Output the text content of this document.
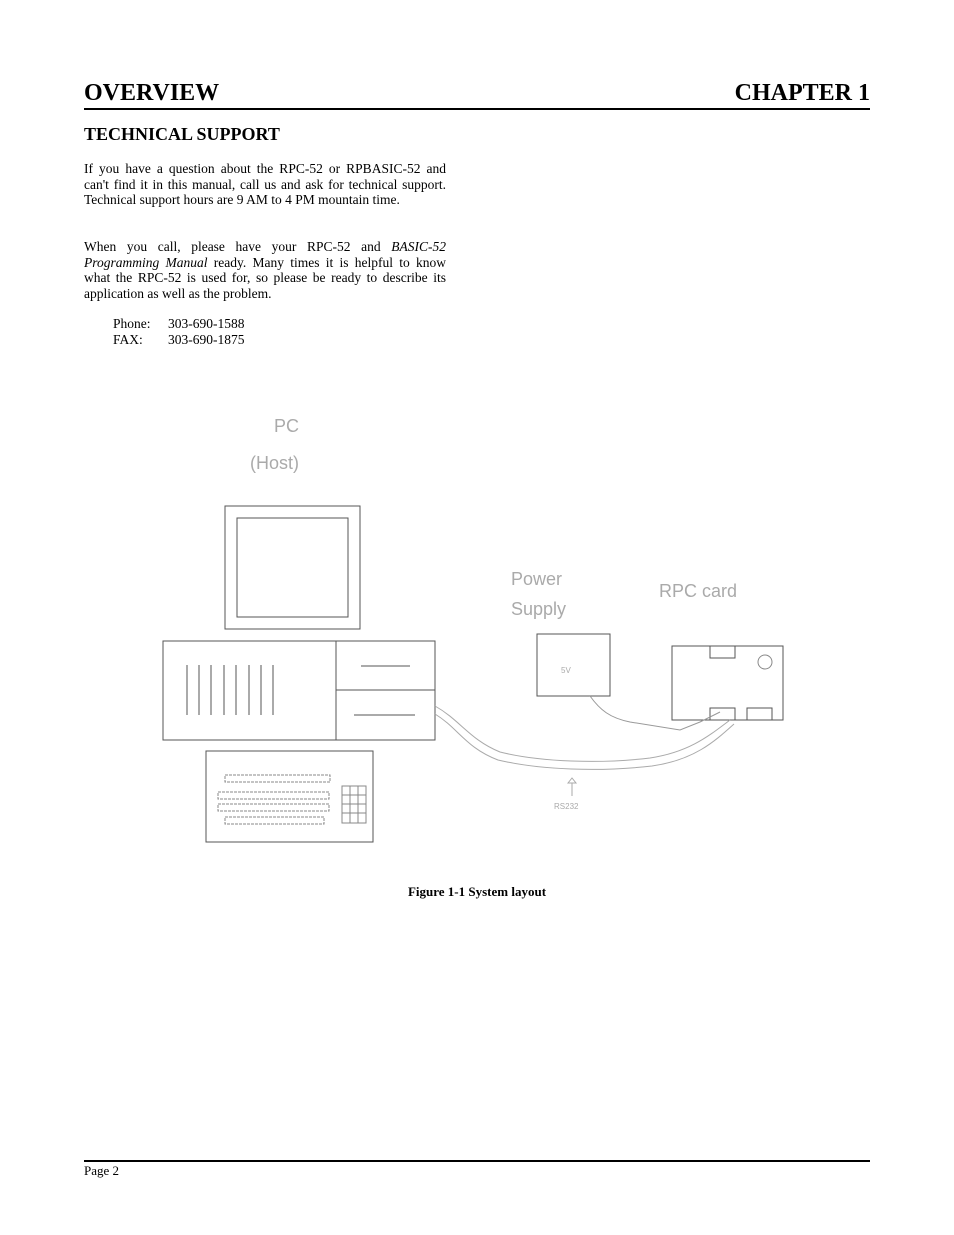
OVERVIEW	CHAPTER 1
TECHNICAL SUPPORT
If you have a question about the RPC-52 or RPBASIC-52 and can't find it in this manual, call us and ask for technical support. Technical support hours are 9 AM to 4 PM mountain time.
When you call, please have your RPC-52 and BASIC-52 Programming Manual ready. Many times it is helpful to know what the RPC-52 is used for, so please be ready to describe its application as well as the problem.
Phone: 303-690-1588
FAX: 303-690-1875
PC
(Host)
Power
Supply
RPC card
5V
RS232
Figure 1-1 System layout
Page 2
